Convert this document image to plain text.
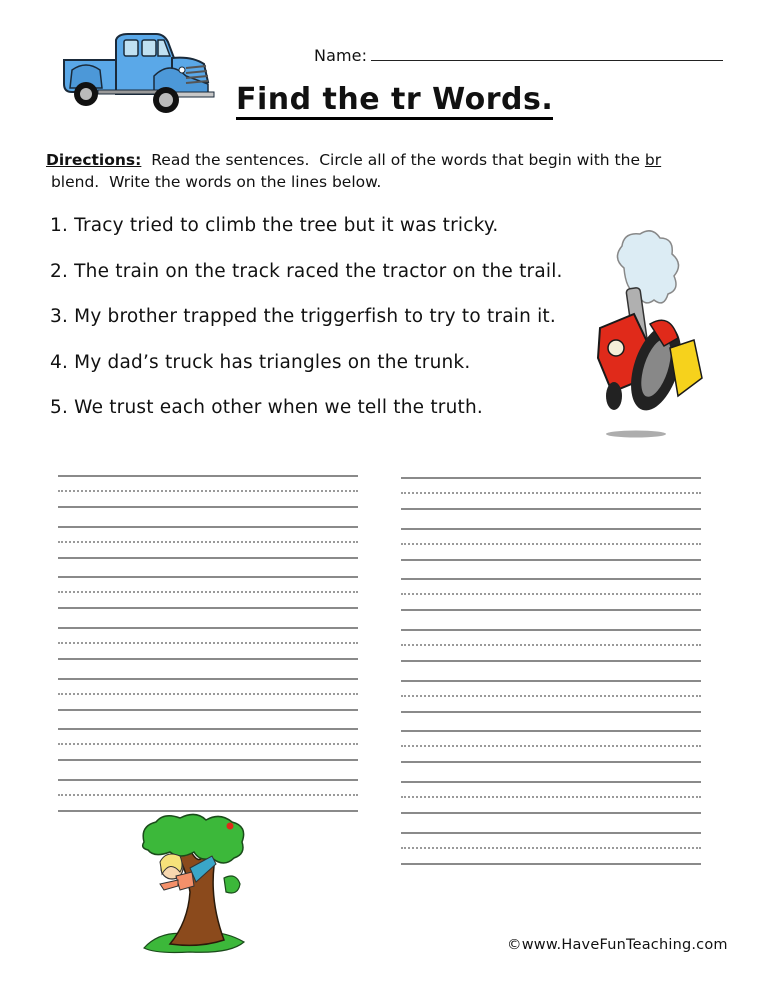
Name:
Find the tr Words.
Directions:  Read the sentences.  Circle all of the words that begin with the br
blend.  Write the words on the lines below.
1. Tracy tried to climb the tree but it was tricky.
2. The train on the track raced the tractor on the trail.
3. My brother trapped the triggerfish to try to train it.
4. My dad’s truck has triangles on the trunk.
5. We trust each other when we tell the truth.
©www.HaveFunTeaching.com
